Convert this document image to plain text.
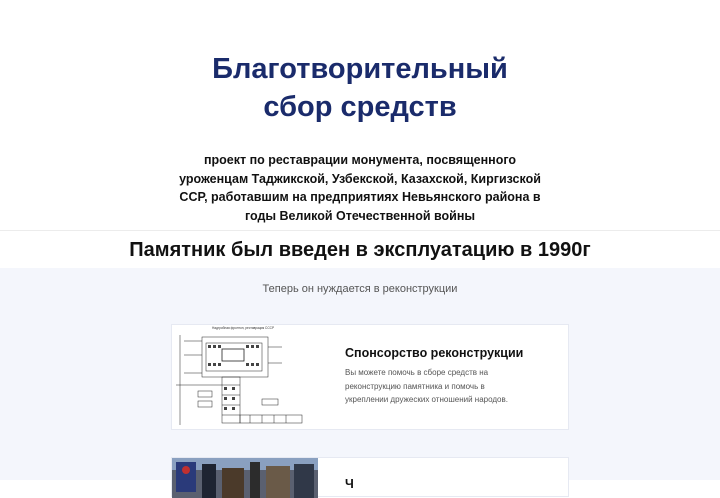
Благотворительный
сбор средств

проект по реставрации монумента, посвященного
уроженцам Таджикской, Узбекской, Казахской, Киргизской
ССР, работавшим на предприятиях Невьянского района в
годы Великой Отечественной войны

Памятник был введен в эксплуатацию в 1990г

Теперь он нуждается в реконструкции

Надгробная фронтон, реставрация СССР

Спонсорство реконструкции

Вы можете помочь в сборе средств на
реконструкцию памятника и помочь в
укреплении дружеских отношений народов.

Ч
